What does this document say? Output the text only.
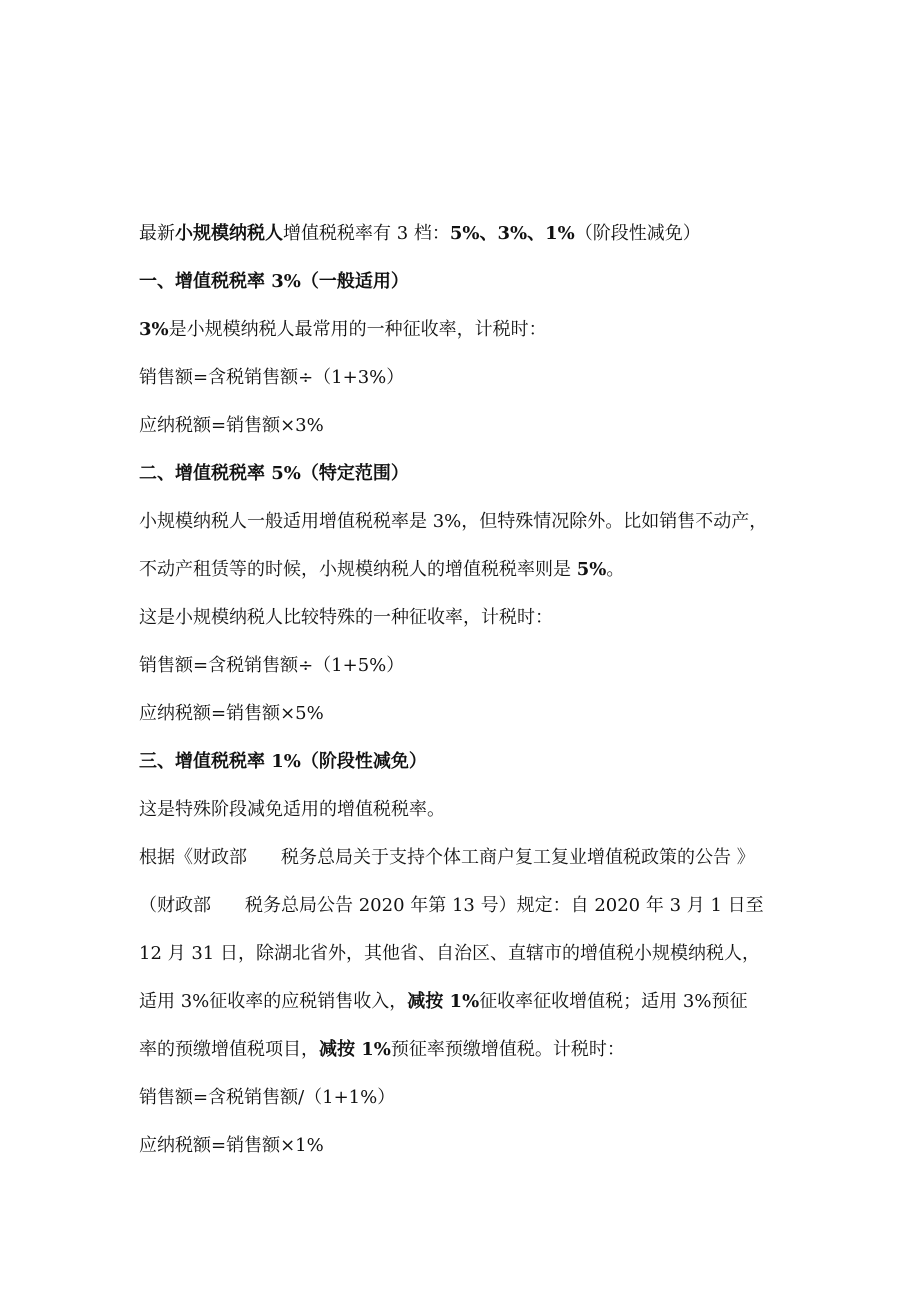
最新小规模纳税人增值税税率有 3 档：5%、3%、1%（阶段性减免）
一、增值税税率 3%（一般适用）
3%是小规模纳税人最常用的一种征收率，计税时：
销售额=含税销售额÷（1+3%）
应纳税额=销售额×3%
二、增值税税率 5%（特定范围）
小规模纳税人一般适用增值税税率是 3%，但特殊情况除外。比如销售不动产，
不动产租赁等的时候，小规模纳税人的增值税税率则是 5%。
这是小规模纳税人比较特殊的一种征收率，计税时：
销售额=含税销售额÷（1+5%）
应纳税额=销售额×5%
三、增值税税率 1%（阶段性减免）
这是特殊阶段减免适用的增值税税率。
根据《财政部 税务总局关于支持个体工商户复工复业增值税政策的公告 》
（财政部 税务总局公告 2020 年第 13 号）规定：自 2020 年 3 月 1 日至
12 月 31 日，除湖北省外，其他省、自治区、直辖市的增值税小规模纳税人，
适用 3%征收率的应税销售收入，减按 1%征收率征收增值税；适用 3%预征
率的预缴增值税项目，减按 1%预征率预缴增值税。计税时：
销售额=含税销售额/（1+1%）
应纳税额=销售额×1%
